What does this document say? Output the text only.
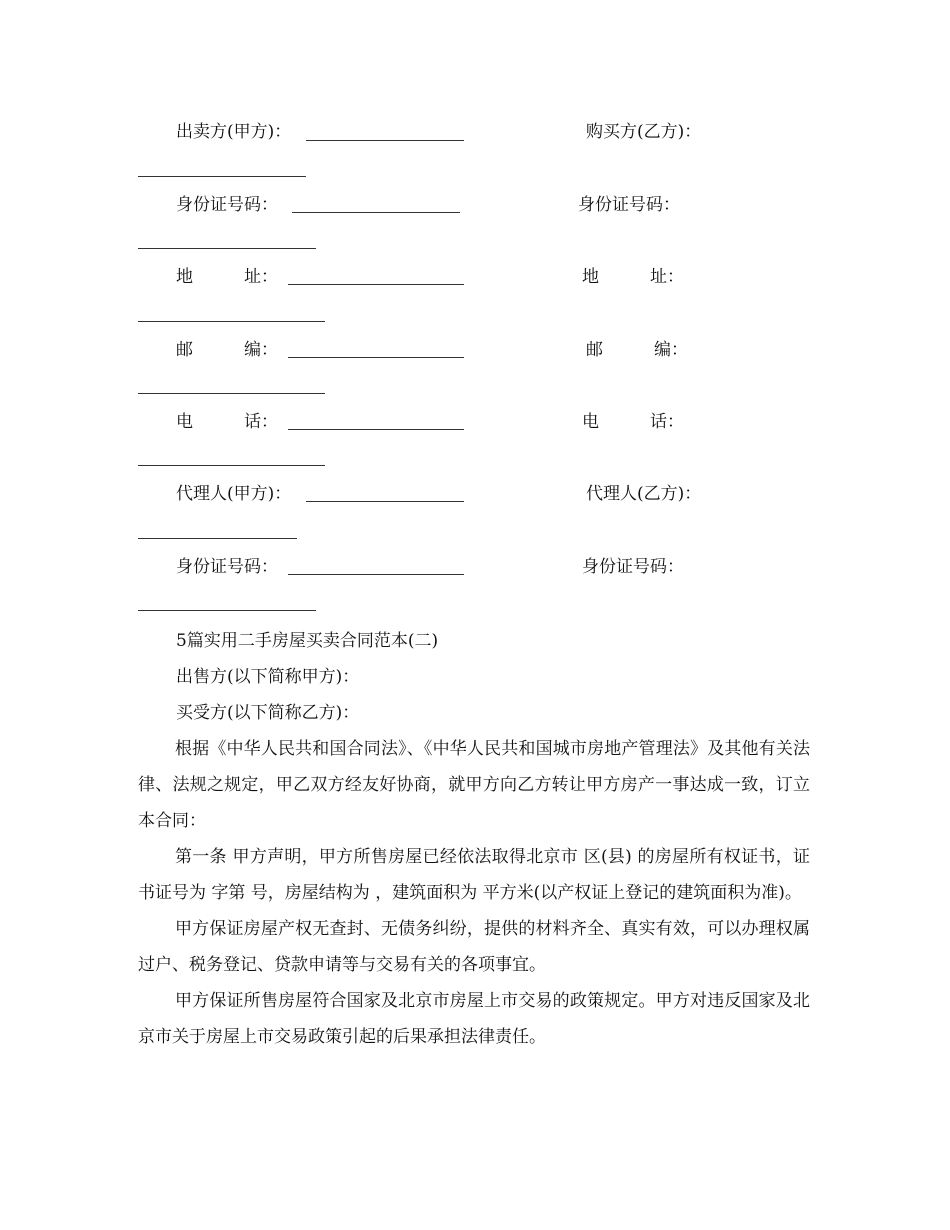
出卖方(甲方)：	购买方(乙方)：
身份证号码：	身份证号码：
地　　　址：	地　　　址：
邮　　　编：	邮　　　编：
电　　　话：	电　　　话：
代理人(甲方)：	代理人(乙方)：
身份证号码：	身份证号码：
5篇实用二手房屋买卖合同范本(二)
出售方(以下简称甲方)：
买受方(以下简称乙方)：

根据《中华人民共和国合同法》、《中华人民共和国城市房地产管理法》及其他有关法律、法规之规定，甲乙双方经友好协商，就甲方向乙方转让甲方房产一事达成一致，订立本合同：

第一条 甲方声明，甲方所售房屋已经依法取得北京市 区(县) 的房屋所有权证书，证书证号为 字第 号，房屋结构为 ，建筑面积为 平方米(以产权证上登记的建筑面积为准)。

甲方保证房屋产权无查封、无债务纠纷，提供的材料齐全、真实有效，可以办理权属过户、税务登记、贷款申请等与交易有关的各项事宜。

甲方保证所售房屋符合国家及北京市房屋上市交易的政策规定。甲方对违反国家及北京市关于房屋上市交易政策引起的后果承担法律责任。
